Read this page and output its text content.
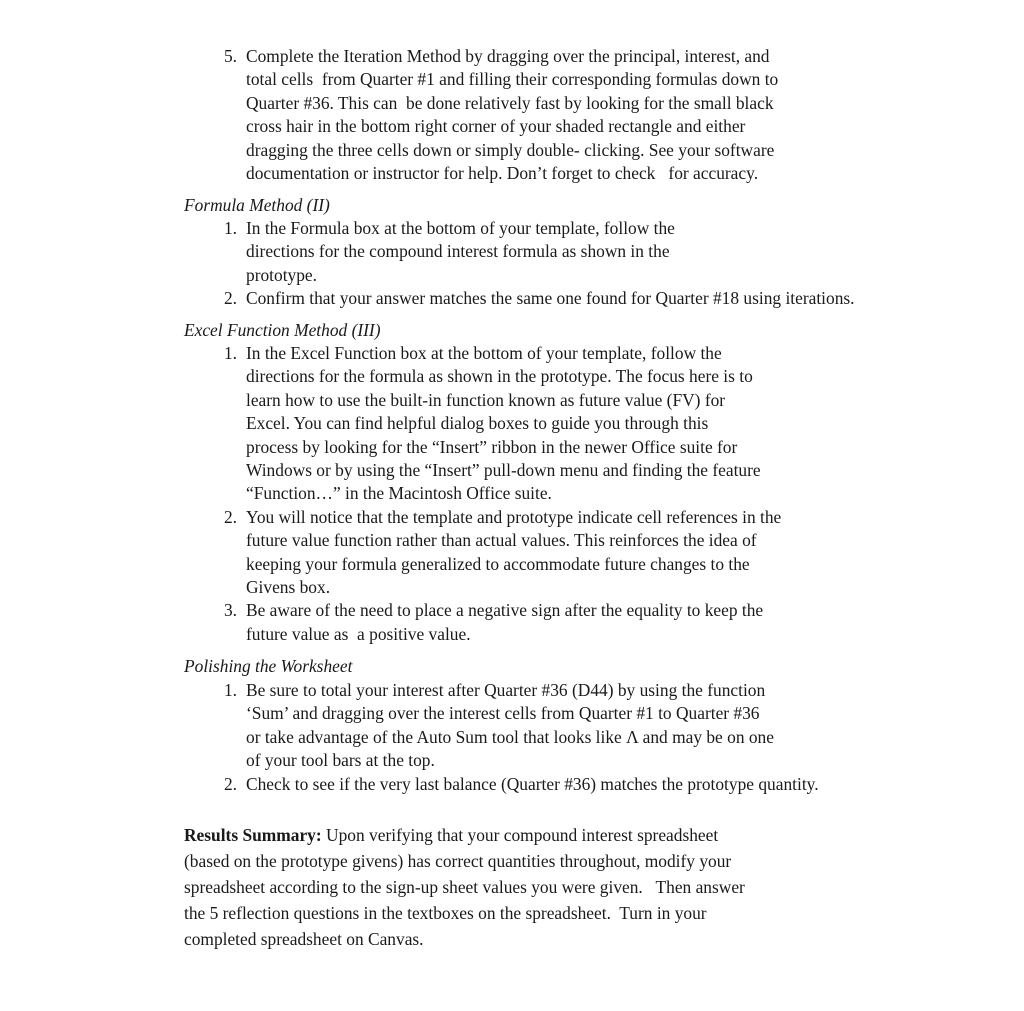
5. Complete the Iteration Method by dragging over the principal, interest, and
total cells  from Quarter #1 and filling their corresponding formulas down to
Quarter #36. This can  be done relatively fast by looking for the small black
cross hair in the bottom right corner of your shaded rectangle and either
dragging the three cells down or simply double- clicking. See your software
documentation or instructor for help. Don’t forget to check   for accuracy.
Formula Method (II)
1. In the Formula box at the bottom of your template, follow the
directions for the compound interest formula as shown in the
prototype.
2. Confirm that your answer matches the same one found for Quarter #18 using iterations.
Excel Function Method (III)
1. In the Excel Function box at the bottom of your template, follow the
directions for the formula as shown in the prototype. The focus here is to
learn how to use the built-in function known as future value (FV) for
Excel. You can find helpful dialog boxes to guide you through this
process by looking for the “Insert” ribbon in the newer Office suite for
Windows or by using the “Insert” pull-down menu and finding the feature
“Function…” in the Macintosh Office suite.
2. You will notice that the template and prototype indicate cell references in the
future value function rather than actual values. This reinforces the idea of
keeping your formula generalized to accommodate future changes to the
Givens box.
3. Be aware of the need to place a negative sign after the equality to keep the
future value as  a positive value.
Polishing the Worksheet
1. Be sure to total your interest after Quarter #36 (D44) by using the function
‘Sum’ and dragging over the interest cells from Quarter #1 to Quarter #36
or take advantage of the Auto Sum tool that looks like Λ and may be on one
of your tool bars at the top.
2. Check to see if the very last balance (Quarter #36) matches the prototype quantity.
Results Summary: Upon verifying that your compound interest spreadsheet
(based on the prototype givens) has correct quantities throughout, modify your
spreadsheet according to the sign-up sheet values you were given.   Then answer
the 5 reflection questions in the textboxes on the spreadsheet.  Turn in your
completed spreadsheet on Canvas.
